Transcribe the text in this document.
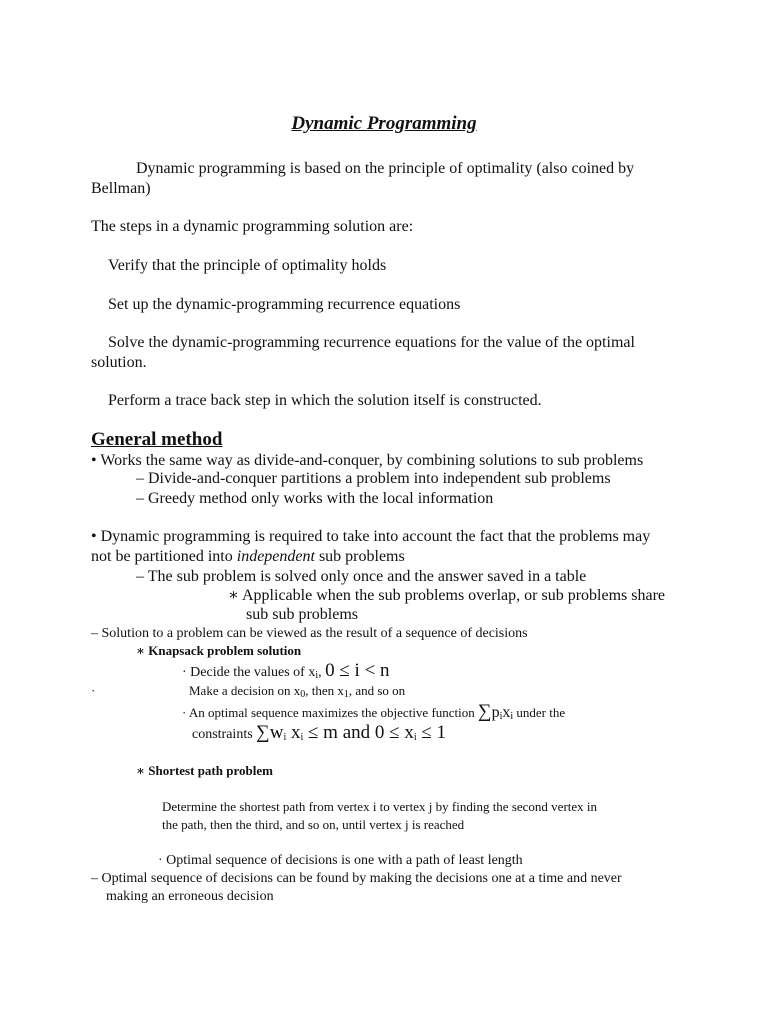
Dynamic Programming
Dynamic programming is based on the principle of optimality (also coined by
Bellman)
The steps in a dynamic programming solution are:
Verify that the principle of optimality holds
Set up the dynamic-programming recurrence equations
Solve the dynamic-programming recurrence equations for the value of the optimal
solution.
Perform a trace back step in which the solution itself is constructed.
General method
• Works the same way as divide-and-conquer, by combining solutions to sub problems
– Divide-and-conquer partitions a problem into independent sub problems
– Greedy method only works with the local information
• Dynamic programming is required to take into account the fact that the problems may
not be partitioned into independent sub problems
– The sub problem is solved only once and the answer saved in a table
∗ Applicable when the sub problems overlap, or sub problems share
sub sub problems
– Solution to a problem can be viewed as the result of a sequence of decisions
∗ Knapsack problem solution
· Decide the values of $x_i$, 0 ≤ i < n
·	Make a decision on $x_0$, then $x_1$, and so on
· An optimal sequence maximizes the objective function $\sum p_ix_i$ under the
constraints $\sum w_i$ $x_i \le m$ and $0 \le x_i \le 1$
∗ Shortest path problem
Determine the shortest path from vertex i to vertex j by finding the second vertex in
the path, then the third, and so on, until vertex j is reached
· Optimal sequence of decisions is one with a path of least length
– Optimal sequence of decisions can be found by making the decisions one at a time and never
making an erroneous decision
